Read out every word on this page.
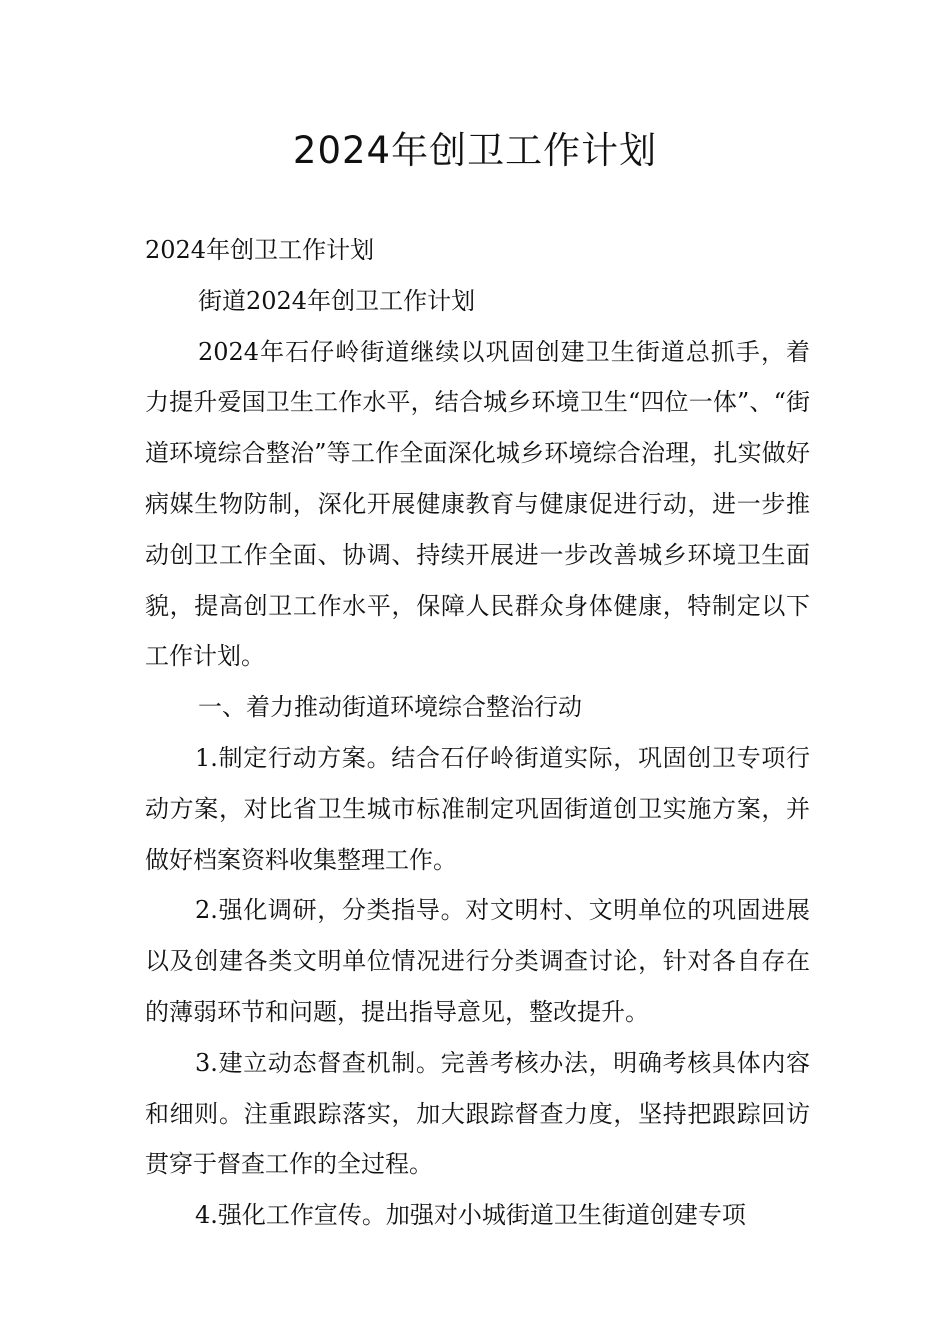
2024年创卫工作计划

2024年创卫工作计划

街道2024年创卫工作计划

2024年石仔岭街道继续以巩固创建卫生街道总抓手，着力提升爱国卫生工作水平，结合城乡环境卫生“四位一体”、“街道环境综合整治”等工作全面深化城乡环境综合治理，扎实做好病媒生物防制，深化开展健康教育与健康促进行动，进一步推动创卫工作全面、协调、持续开展进一步改善城乡环境卫生面貌，提高创卫工作水平，保障人民群众身体健康，特制定以下工作计划。

一、着力推动街道环境综合整治行动

1.制定行动方案。结合石仔岭街道实际，巩固创卫专项行动方案，对比省卫生城市标准制定巩固街道创卫实施方案，并做好档案资料收集整理工作。

2.强化调研，分类指导。对文明村、文明单位的巩固进展以及创建各类文明单位情况进行分类调查讨论，针对各自存在的薄弱环节和问题，提出指导意见，整改提升。

3.建立动态督查机制。完善考核办法，明确考核具体内容和细则。注重跟踪落实，加大跟踪督查力度，坚持把跟踪回访贯穿于督查工作的全过程。

4.强化工作宣传。加强对小城街道卫生街道创建专项
